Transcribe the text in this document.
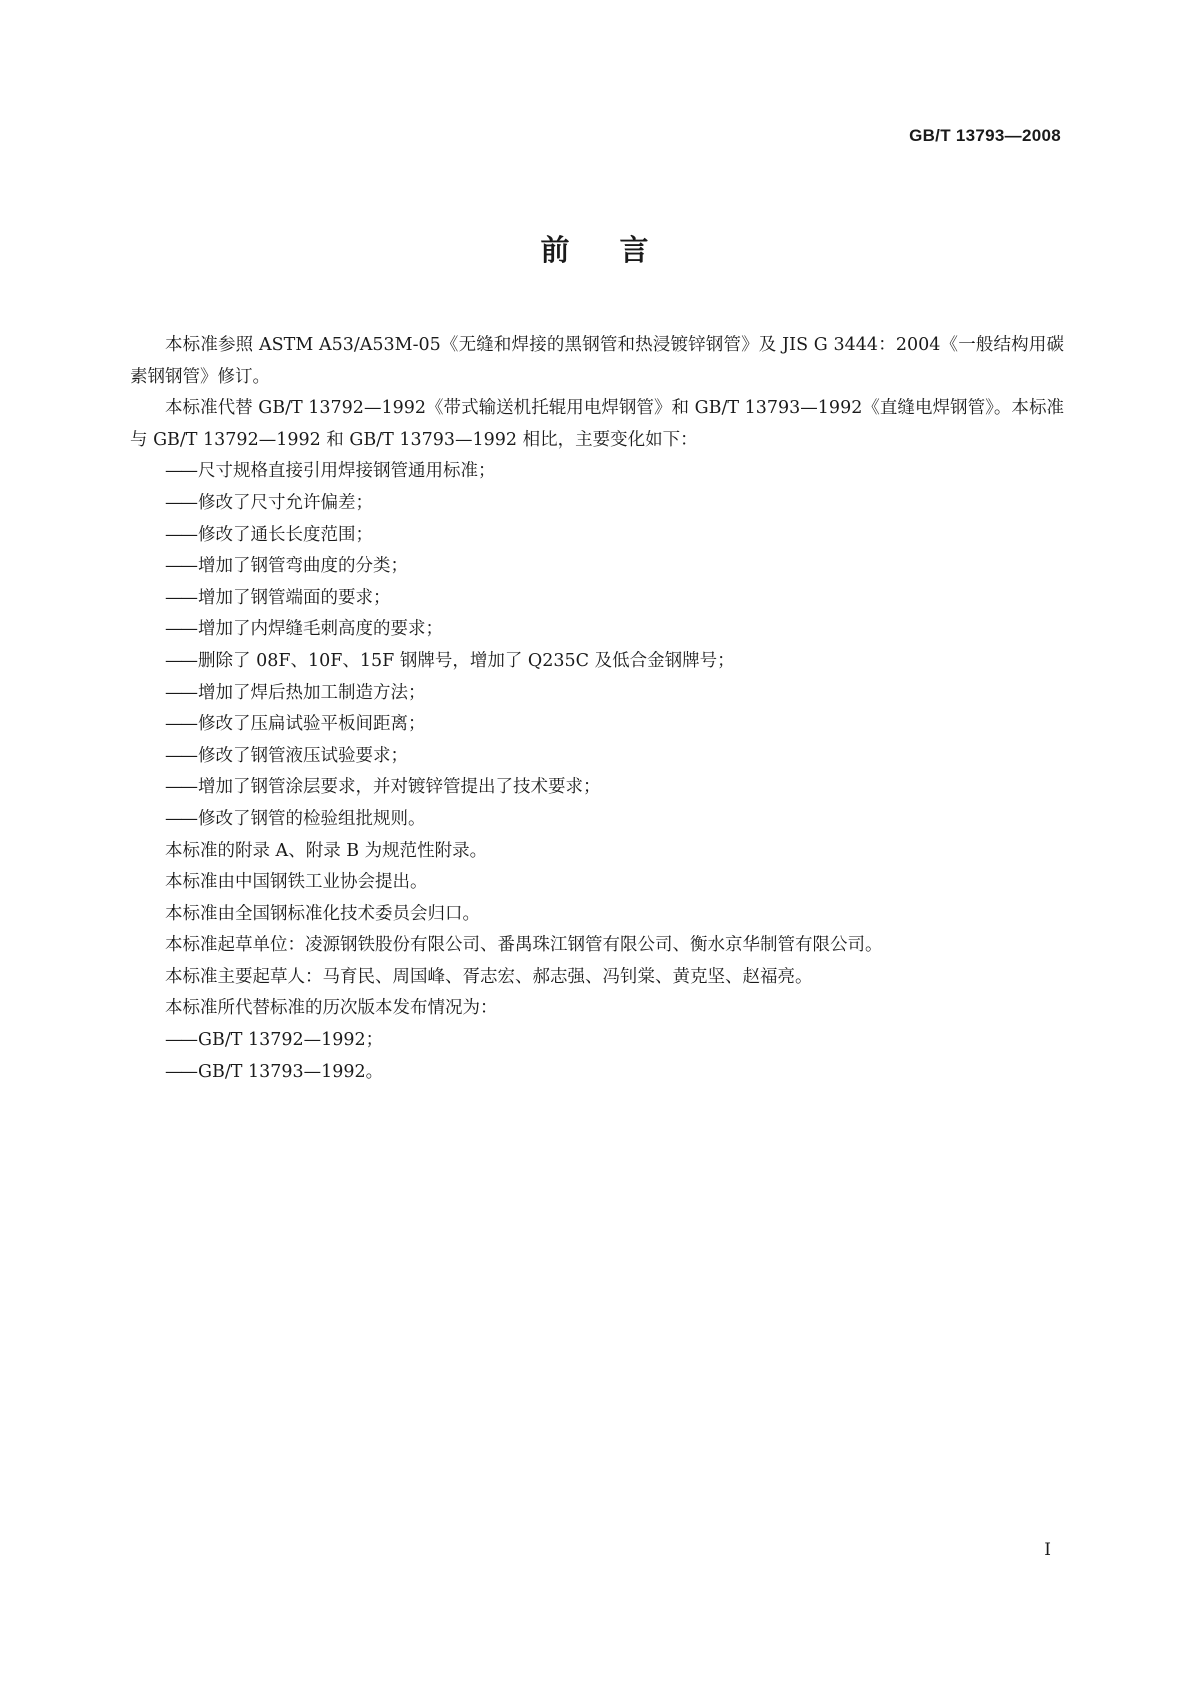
GB/T 13793—2008
前 言

本标准参照 ASTM A53/A53M-05《无缝和焊接的黑钢管和热浸镀锌钢管》及 JIS G 3444：2004《一般结构用碳素钢钢管》修订。

本标准代替 GB/T 13792—1992《带式输送机托辊用电焊钢管》和 GB/T 13793—1992《直缝电焊钢管》。本标准与 GB/T 13792—1992 和 GB/T 13793—1992 相比，主要变化如下：

—— 尺寸规格直接引用焊接钢管通用标准；

—— 修改了尺寸允许偏差；

—— 修改了通长长度范围；

—— 增加了钢管弯曲度的分类；

—— 增加了钢管端面的要求；

—— 增加了内焊缝毛刺高度的要求；

—— 删除了 08F、10F、15F 钢牌号，增加了 Q235C 及低合金钢牌号；

—— 增加了焊后热加工制造方法；

—— 修改了压扁试验平板间距离；

—— 修改了钢管液压试验要求；

—— 增加了钢管涂层要求，并对镀锌管提出了技术要求；

—— 修改了钢管的检验组批规则。

本标准的附录 A、附录 B 为规范性附录。

本标准由中国钢铁工业协会提出。

本标准由全国钢标准化技术委员会归口。

本标准起草单位：凌源钢铁股份有限公司、番禺珠江钢管有限公司、衡水京华制管有限公司。

本标准主要起草人：马育民、周国峰、胥志宏、郝志强、冯钊棠、黄克坚、赵福亮。

本标准所代替标准的历次版本发布情况为：

—— GB/T 13792—1992；

—— GB/T 13793—1992。

I
